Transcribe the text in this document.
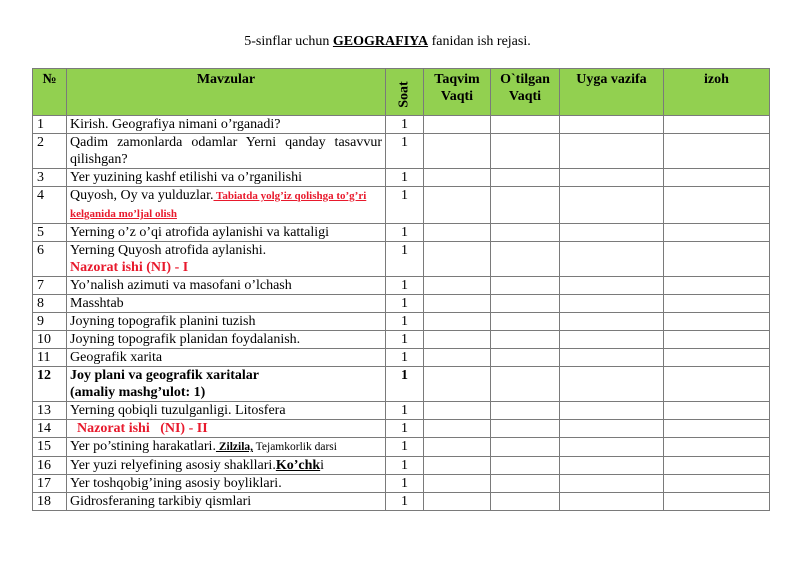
5-sinflar uchun GEOGRAFIYA fanidan ish rejasi.
№	Mavzular	Soat	Taqvim Vaqti	O`tilgan Vaqti	Uyga vazifa	izoh
1	Kirish. Geografiya nimani o’rganadi?	1				
2	Qadim zamonlarda odamlar Yerni qanday tasavvur qilishgan?	1				
3	Yer yuzining kashf etilishi va o’rganilishi	1				
4	Quyosh, Oy va yulduzlar. Tabiatda yolg’iz qolishga to’g’ri kelganida mo’ljal olish	1				
5	Yerning o’z o’qi atrofida aylanishi va kattaligi	1				
6	Yerning Quyosh atrofida aylanishi.
Nazorat ishi (NI) - I	1				
7	Yo’nalish azimuti va masofani o’lchash	1				
8	Masshtab	1				
9	Joyning topografik planini tuzish	1				
10	Joyning topografik planidan foydalanish.	1				
11	Geografik xarita	1				
12	Joy plani va geografik xaritalar
(amaliy mashg’ulot: 1)	1				
13	Yerning qobiqli tuzulganligi. Litosfera	1				
14	Nazorat ishi   (NI) - II	1				
15	Yer po’stining harakatlari. Zilzila, Tejamkorlik darsi	1				
16	Yer yuzi relyefining asosiy shakllari.Ko’chki	1				
17	Yer toshqobig’ining asosiy boyliklari.	1				
18	Gidrosferaning tarkibiy qismlari	1				
